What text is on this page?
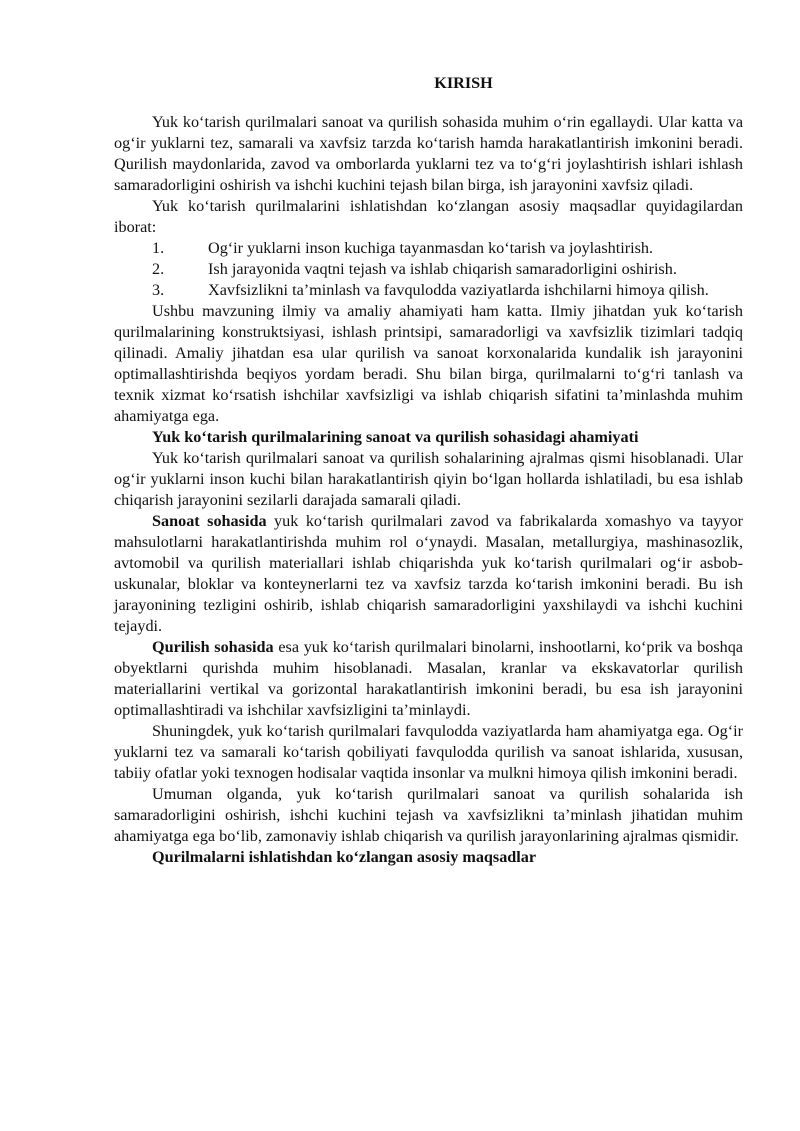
KIRISH

Yuk ko‘tarish qurilmalari sanoat va qurilish sohasida muhim o‘rin egallaydi. Ular katta va og‘ir yuklarni tez, samarali va xavfsiz tarzda ko‘tarish hamda harakatlantirish imkonini beradi. Qurilish maydonlarida, zavod va omborlarda yuklarni tez va to‘g‘ri joylashtirish ishlari ishlash samaradorligini oshirish va ishchi kuchini tejash bilan birga, ish jarayonini xavfsiz qiladi.

Yuk ko‘tarish qurilmalarini ishlatishdan ko‘zlangan asosiy maqsadlar quyidagilardan iborat:

1.	Og‘ir yuklarni inson kuchiga tayanmasdan ko‘tarish va joylashtirish.

2.	Ish jarayonida vaqtni tejash va ishlab chiqarish samaradorligini oshirish.

3.	Xavfsizlikni ta’minlash va favqulodda vaziyatlarda ishchilarni himoya qilish.

Ushbu mavzuning ilmiy va amaliy ahamiyati ham katta. Ilmiy jihatdan yuk ko‘tarish qurilmalarining konstruktsiyasi, ishlash printsipi, samaradorligi va xavfsizlik tizimlari tadqiq qilinadi. Amaliy jihatdan esa ular qurilish va sanoat korxonalarida kundalik ish jarayonini optimallashtirishda beqiyos yordam beradi. Shu bilan birga, qurilmalarni to‘g‘ri tanlash va texnik xizmat ko‘rsatish ishchilar xavfsizligi va ishlab chiqarish sifatini ta’minlashda muhim ahamiyatga ega.

Yuk ko‘tarish qurilmalarining sanoat va qurilish sohasidagi ahamiyati

Yuk ko‘tarish qurilmalari sanoat va qurilish sohalarining ajralmas qismi hisoblanadi. Ular og‘ir yuklarni inson kuchi bilan harakatlantirish qiyin bo‘lgan hollarda ishlatiladi, bu esa ishlab chiqarish jarayonini sezilarli darajada samarali qiladi.

Sanoat sohasida yuk ko‘tarish qurilmalari zavod va fabrikalarda xomashyo va tayyor mahsulotlarni harakatlantirishda muhim rol o‘ynaydi. Masalan, metallurgiya, mashinasozlik, avtomobil va qurilish materiallari ishlab chiqarishda yuk ko‘tarish qurilmalari og‘ir asbob-uskunalar, bloklar va konteynerlarni tez va xavfsiz tarzda ko‘tarish imkonini beradi. Bu ish jarayonining tezligini oshirib, ishlab chiqarish samaradorligini yaxshilaydi va ishchi kuchini tejaydi.

Qurilish sohasida esa yuk ko‘tarish qurilmalari binolarni, inshootlarni, ko‘prik va boshqa obyektlarni qurishda muhim hisoblanadi. Masalan, kranlar va ekskavatorlar qurilish materiallarini vertikal va gorizontal harakatlantirish imkonini beradi, bu esa ish jarayonini optimallashtiradi va ishchilar xavfsizligini ta’minlaydi.

Shuningdek, yuk ko‘tarish qurilmalari favqulodda vaziyatlarda ham ahamiyatga ega. Og‘ir yuklarni tez va samarali ko‘tarish qobiliyati favqulodda qurilish va sanoat ishlarida, xususan, tabiiy ofatlar yoki texnogen hodisalar vaqtida insonlar va mulkni himoya qilish imkonini beradi.

Umuman olganda, yuk ko‘tarish qurilmalari sanoat va qurilish sohalarida ish samaradorligini oshirish, ishchi kuchini tejash va xavfsizlikni ta’minlash jihatidan muhim ahamiyatga ega bo‘lib, zamonaviy ishlab chiqarish va qurilish jarayonlarining ajralmas qismidir.

Qurilmalarni ishlatishdan ko‘zlangan asosiy maqsadlar
